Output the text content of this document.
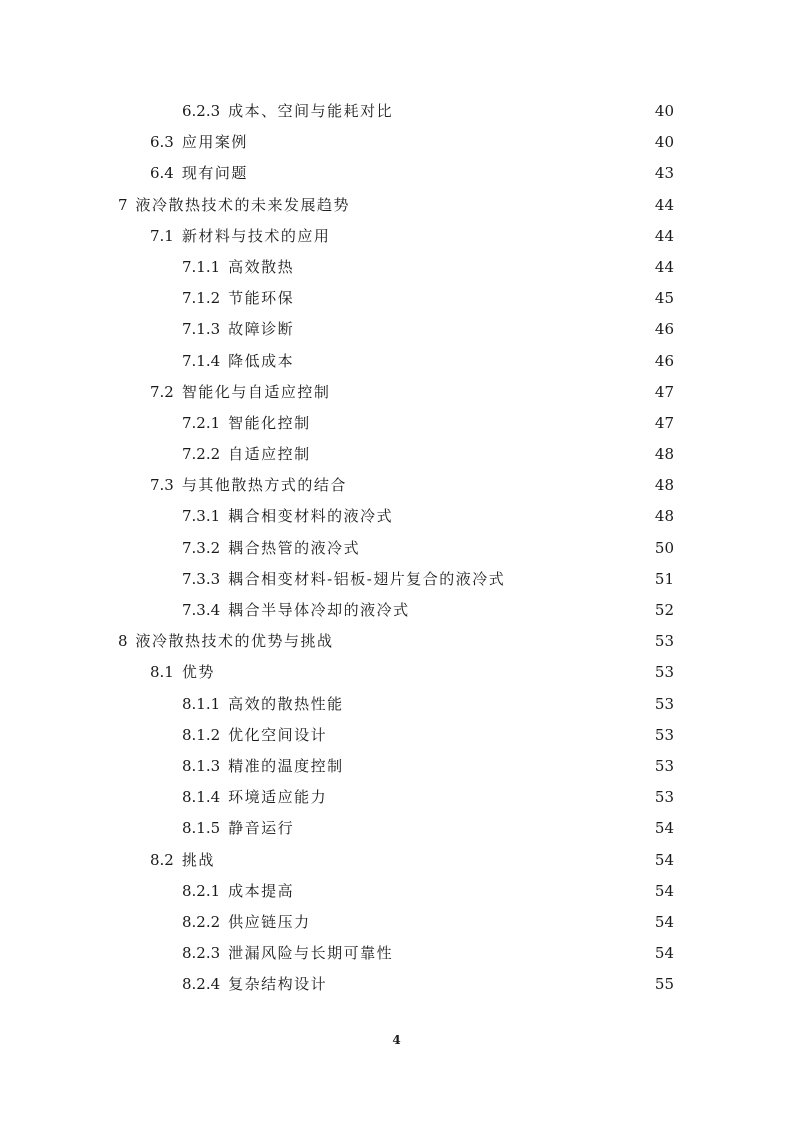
6.2.3 成本、空间与能耗对比	40
6.3 应用案例	40
6.4 现有问题	43
7 液冷散热技术的未来发展趋势	44
7.1 新材料与技术的应用	44
7.1.1 高效散热	44
7.1.2 节能环保	45
7.1.3 故障诊断	46
7.1.4 降低成本	46
7.2 智能化与自适应控制	47
7.2.1 智能化控制	47
7.2.2 自适应控制	48
7.3 与其他散热方式的结合	48
7.3.1 耦合相变材料的液冷式	48
7.3.2 耦合热管的液冷式	50
7.3.3 耦合相变材料-铝板-翅片复合的液冷式	51
7.3.4 耦合半导体冷却的液冷式	52
8 液冷散热技术的优势与挑战	53
8.1 优势	53
8.1.1 高效的散热性能	53
8.1.2 优化空间设计	53
8.1.3 精准的温度控制	53
8.1.4 环境适应能力	53
8.1.5 静音运行	54
8.2 挑战	54
8.2.1 成本提高	54
8.2.2 供应链压力	54
8.2.3 泄漏风险与长期可靠性	54
8.2.4 复杂结构设计	55
4
